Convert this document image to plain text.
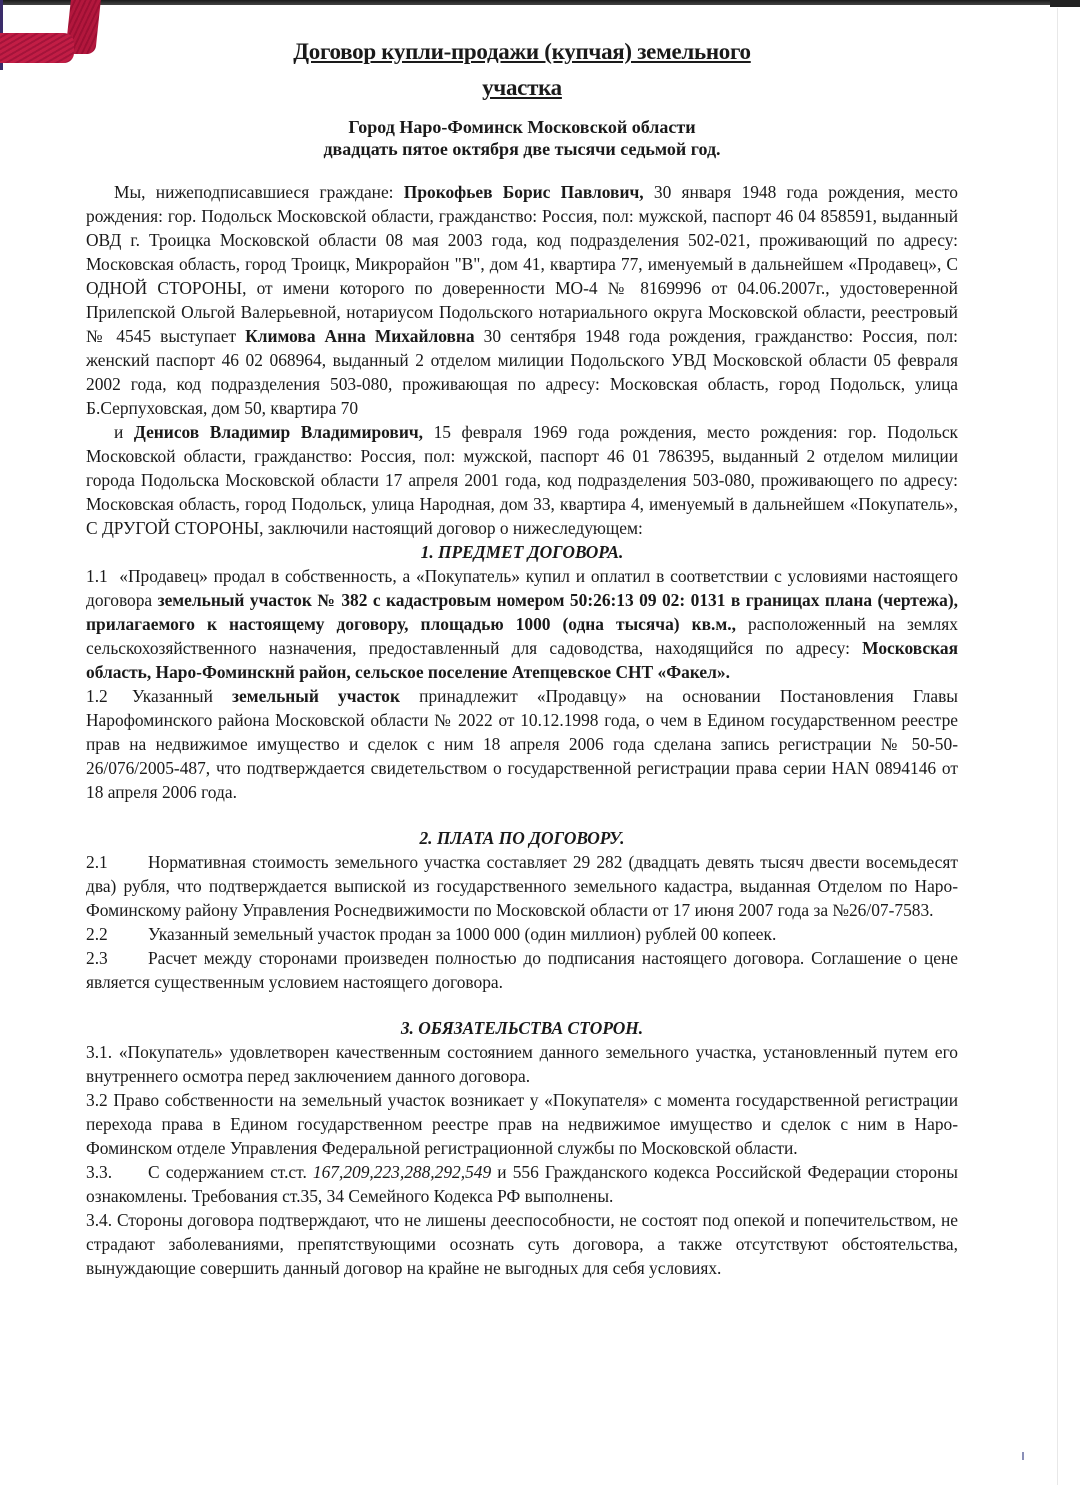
Договор купли-продажи (купчая) земельного
участка
Город Наро-Фоминск Московской области
двадцать пятое октября две тысячи седьмой год.

Мы, нижеподписавшиеся граждане: Прокофьев Борис Павлович, 30 января 1948 года рождения, место рождения: гор. Подольск Московской области, гражданство: Россия, пол: мужской, паспорт 46 04 858591, выданный ОВД г. Троицка Московской области 08 мая 2003 года, код подразделения 502-021, проживающий по адресу: Московская область, город Троицк, Микрорайон "В", дом 41, квартира 77, именуемый в дальнейшем «Продавец», С ОДНОЙ СТОРОНЫ, от имени которого по доверенности МО-4 № 8169996 от 04.06.2007г., удостоверенной Прилепской Ольгой Валерьевной, нотариусом Подольского нотариального округа Московской области, реестровый № 4545 выступает Климова Анна Михайловна 30 сентября 1948 года рождения, гражданство: Россия, пол: женский паспорт 46 02 068964, выданный 2 отделом милиции Подольского УВД Московской области 05 февраля 2002 года, код подразделения 503-080, проживающая по адресу: Московская область, город Подольск, улица Б.Серпуховская, дом 50, квартира 70

и Денисов Владимир Владимирович, 15 февраля 1969 года рождения, место рождения: гор. Подольск Московской области, гражданство: Россия, пол: мужской, паспорт 46 01 786395, выданный 2 отделом милиции города Подольска Московской области 17 апреля 2001 года, код подразделения 503-080, проживающего по адресу: Московская область, город Подольск, улица Народная, дом 33, квартира 4, именуемый в дальнейшем «Покупатель», С ДРУГОЙ СТОРОНЫ, заключили настоящий договор о нижеследующем:

1. ПРЕДМЕТ ДОГОВОРА.

1.1 «Продавец» продал в собственность, а «Покупатель» купил и оплатил в соответствии с условиями настоящего договора земельный участок № 382 с кадастровым номером 50:26:13 09 02: 0131 в границах плана (чертежа), прилагаемого к настоящему договору, площадью 1000 (одна тысяча) кв.м., расположенный на землях сельскохозяйственного назначения, предоставленный для садоводства, находящийся по адресу: Московская область, Наро-Фоминскнй район, сельское поселение Атепцевское СНТ «Факел».

1.2 Указанный земельный участок принадлежит «Продавцу» на основании Постановления Главы Нарофоминского района Московской области № 2022 от 10.12.1998 года, о чем в Едином государственном реестре прав на недвижимое имущество и сделок с ним 18 апреля 2006 года сделана запись регистрации № 50-50-26/076/2005-487, что подтверждается свидетельством о государственной регистрации права серии HAN 0894146 от 18 апреля 2006 года.

2. ПЛАТА ПО ДОГОВОРУ.

2.1 Нормативная стоимость земельного участка составляет 29 282 (двадцать девять тысяч двести восемьдесят два) рубля, что подтверждается выпиской из государственного земельного кадастра, выданная Отделом по Наро-Фоминскому району Управления Роснедвижимости по Московской области от 17 июня 2007 года за №26/07-7583.

2.2 Указанный земельный участок продан за 1000 000 (один миллион) рублей 00 копеек.

2.3 Расчет между сторонами произведен полностью до подписания настоящего договора. Соглашение о цене является существенным условием настоящего договора.

3. ОБЯЗАТЕЛЬСТВА СТОРОН.

3.1. «Покупатель» удовлетворен качественным состоянием данного земельного участка, установленный путем его внутреннего осмотра перед заключением данного договора.

3.2 Право собственности на земельный участок возникает у «Покупателя» с момента государственной регистрации перехода права в Едином государственном реестре прав на недвижимое имущество и сделок с ним в Наро-Фоминском отделе Управления Федеральной регистрационной службы по Московской области.

3.3. С содержанием ст.ст. 167,209,223,288,292,549 и 556 Гражданского кодекса Российской Федерации стороны ознакомлены. Требования ст.35, 34 Семейного Кодекса РФ выполнены.

3.4. Стороны договора подтверждают, что не лишены дееспособности, не состоят под опекой и попечительством, не страдают заболеваниями, препятствующими осознать суть договора, а также отсутствуют обстоятельства, вынуждающие совершить данный договор на крайне не выгодных для себя условиях.
